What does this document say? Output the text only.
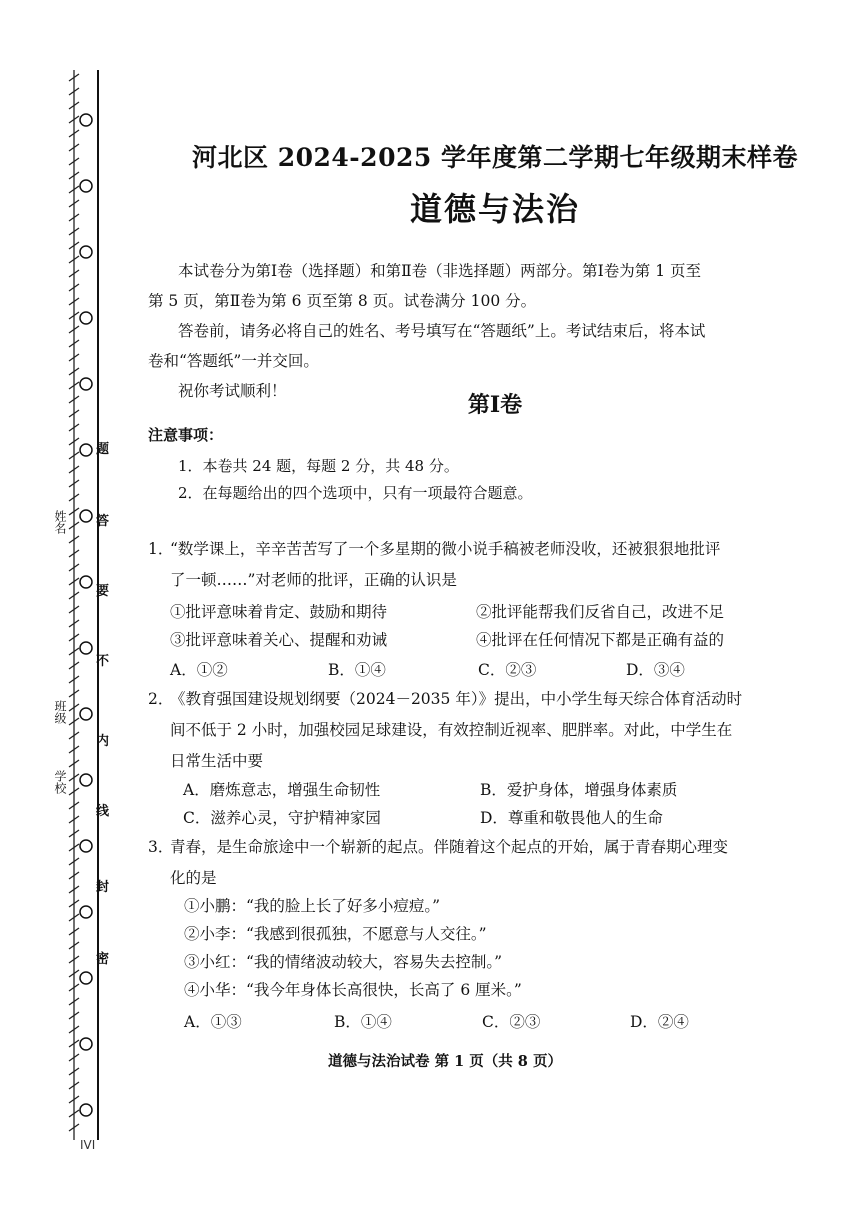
姓名
班级
学校
题
答
要
不
内
线
封
密
河北区 2024-2025 学年度第二学期七年级期末样卷
道德与法治
本试卷分为第Ⅰ卷（选择题）和第Ⅱ卷（非选择题）两部分。第Ⅰ卷为第 1 页至
第 5 页，第Ⅱ卷为第 6 页至第 8 页。试卷满分 100 分。
答卷前，请务必将自己的姓名、考号填写在“答题纸”上。考试结束后，将本试
卷和“答题纸”一并交回。
祝你考试顺利！
第Ⅰ卷
注意事项：
1．本卷共 24 题，每题 2 分，共 48 分。
2．在每题给出的四个选项中，只有一项最符合题意。
1．“数学课上，辛辛苦苦写了一个多星期的微小说手稿被老师没收，还被狠狠地批评
了一顿……”对老师的批评，正确的认识是
①批评意味着肯定、鼓励和期待	②批评能帮我们反省自己，改进不足
③批评意味着关心、提醒和劝诫	④批评在任何情况下都是正确有益的
A．①②	B．①④	C．②③	D．③④
2．《教育强国建设规划纲要（2024－2035 年）》提出，中小学生每天综合体育活动时
间不低于 2 小时，加强校园足球建设，有效控制近视率、肥胖率。对此，中学生在
日常生活中要
A．磨炼意志，增强生命韧性	B．爱护身体，增强身体素质
C．滋养心灵，守护精神家园	D．尊重和敬畏他人的生命
3．青春，是生命旅途中一个崭新的起点。伴随着这个起点的开始，属于青春期心理变
化的是
①小鹏：“我的脸上长了好多小痘痘。”
②小李：“我感到很孤独，不愿意与人交往。”
③小红：“我的情绪波动较大，容易失去控制。”
④小华：“我今年身体长高很快，长高了 6 厘米。”
A．①③	B．①④	C．②③	D．②④
道德与法治试卷 第 1 页（共 8 页）
ⅠⅤⅠ
